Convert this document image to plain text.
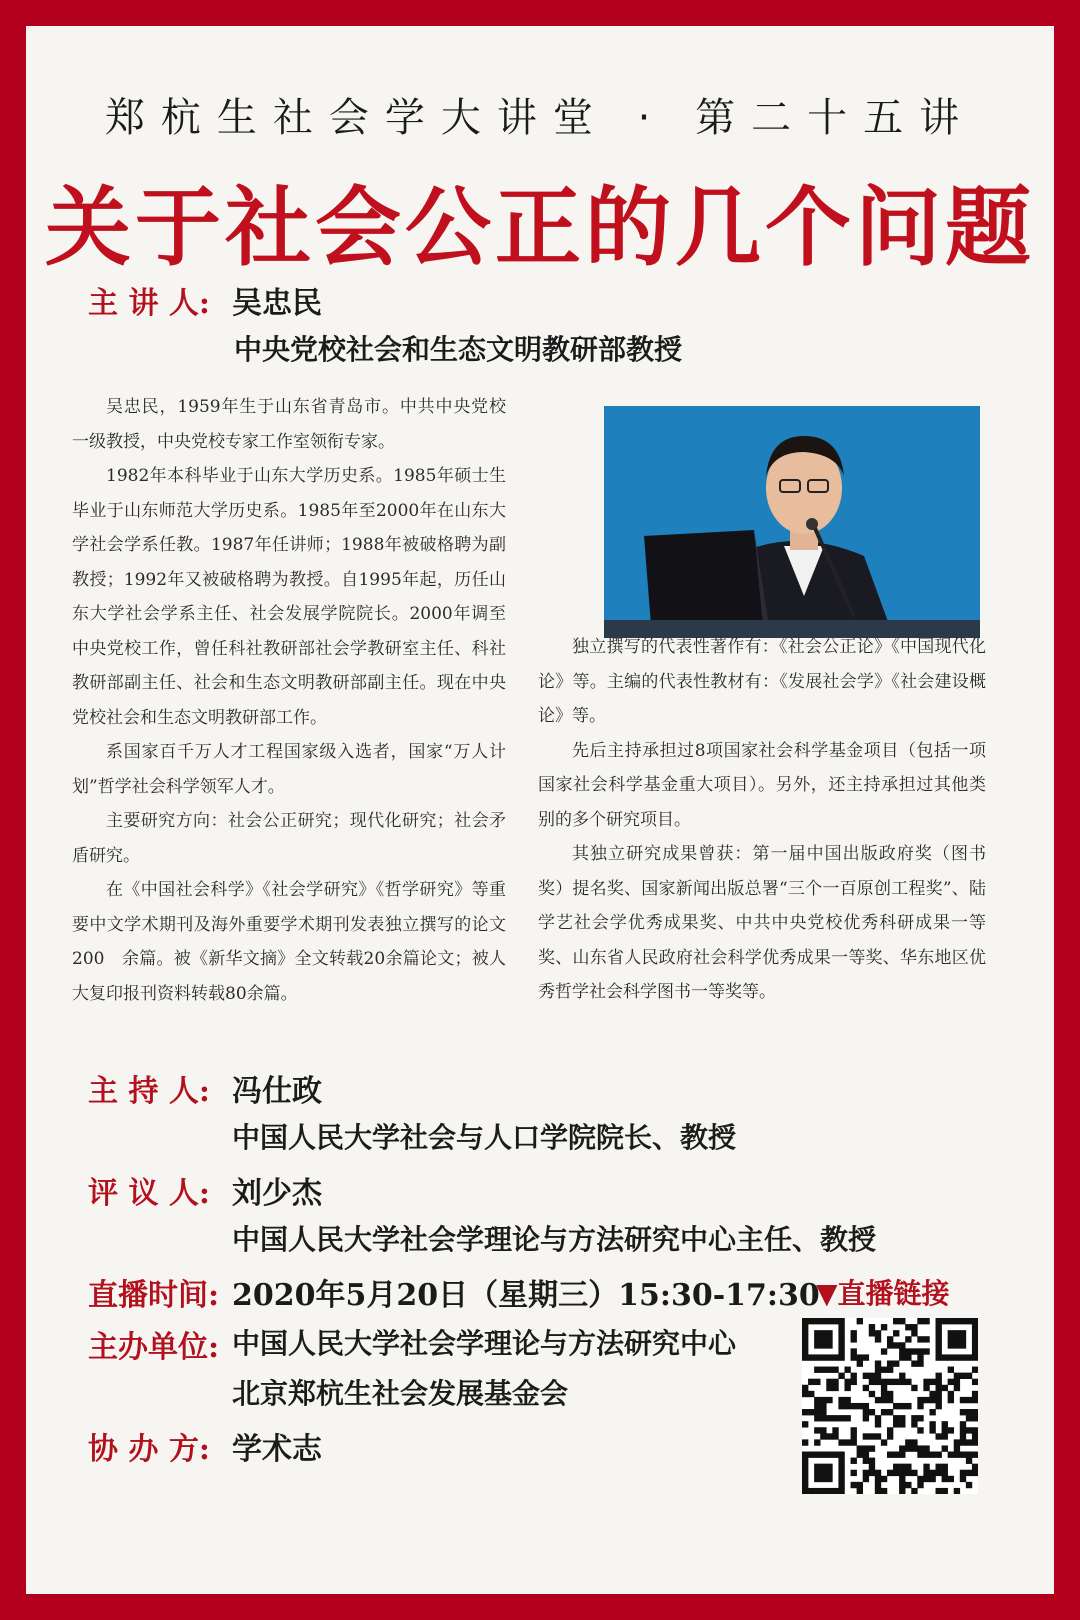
郑杭生社会学大讲堂 · 第二十五讲
关于社会公正的几个问题
主 讲 人: 吴忠民
中央党校社会和生态文明教研部教授

吴忠民，1959年生于山东省青岛市。中共中央党校一级教授，中央党校专家工作室领衔专家。

1982年本科毕业于山东大学历史系。1985年硕士生毕业于山东师范大学历史系。1985年至2000年在山东大学社会学系任教。1987年任讲师；1988年被破格聘为副教授；1992年又被破格聘为教授。自1995年起，历任山东大学社会学系主任、社会发展学院院长。2000年调至中央党校工作，曾任科社教研部社会学教研室主任、科社教研部副主任、社会和生态文明教研部副主任。现在中央党校社会和生态文明教研部工作。

系国家百千万人才工程国家级入选者，国家“万人计划”哲学社会科学领军人才。

主要研究方向：社会公正研究；现代化研究；社会矛盾研究。

在《中国社会科学》《社会学研究》《哲学研究》等重要中文学术期刊及海外重要学术期刊发表独立撰写的论文200　余篇。被《新华文摘》全文转载20余篇论文；被人大复印报刊资料转载80余篇。

独立撰写的代表性著作有：《社会公正论》《中国现代化论》等。主编的代表性教材有：《发展社会学》《社会建设概论》等。

先后主持承担过8项国家社会科学基金项目（包括一项国家社会科学基金重大项目）。另外，还主持承担过其他类别的多个研究项目。

其独立研究成果曾获：第一届中国出版政府奖（图书奖）提名奖、国家新闻出版总署“三个一百原创工程奖”、陆学艺社会学优秀成果奖、中共中央党校优秀科研成果一等奖、山东省人民政府社会科学优秀成果一等奖、华东地区优秀哲学社会科学图书一等奖等。

主 持 人: 冯仕政
中国人民大学社会与人口学院院长、教授
评 议 人: 刘少杰
中国人民大学社会学理论与方法研究中心主任、教授
直播时间: 2020年5月20日（星期三）15:30-17:30
▼直播链接
主办单位: 中国人民大学社会学理论与方法研究中心
北京郑杭生社会发展基金会
协 办 方: 学术志
